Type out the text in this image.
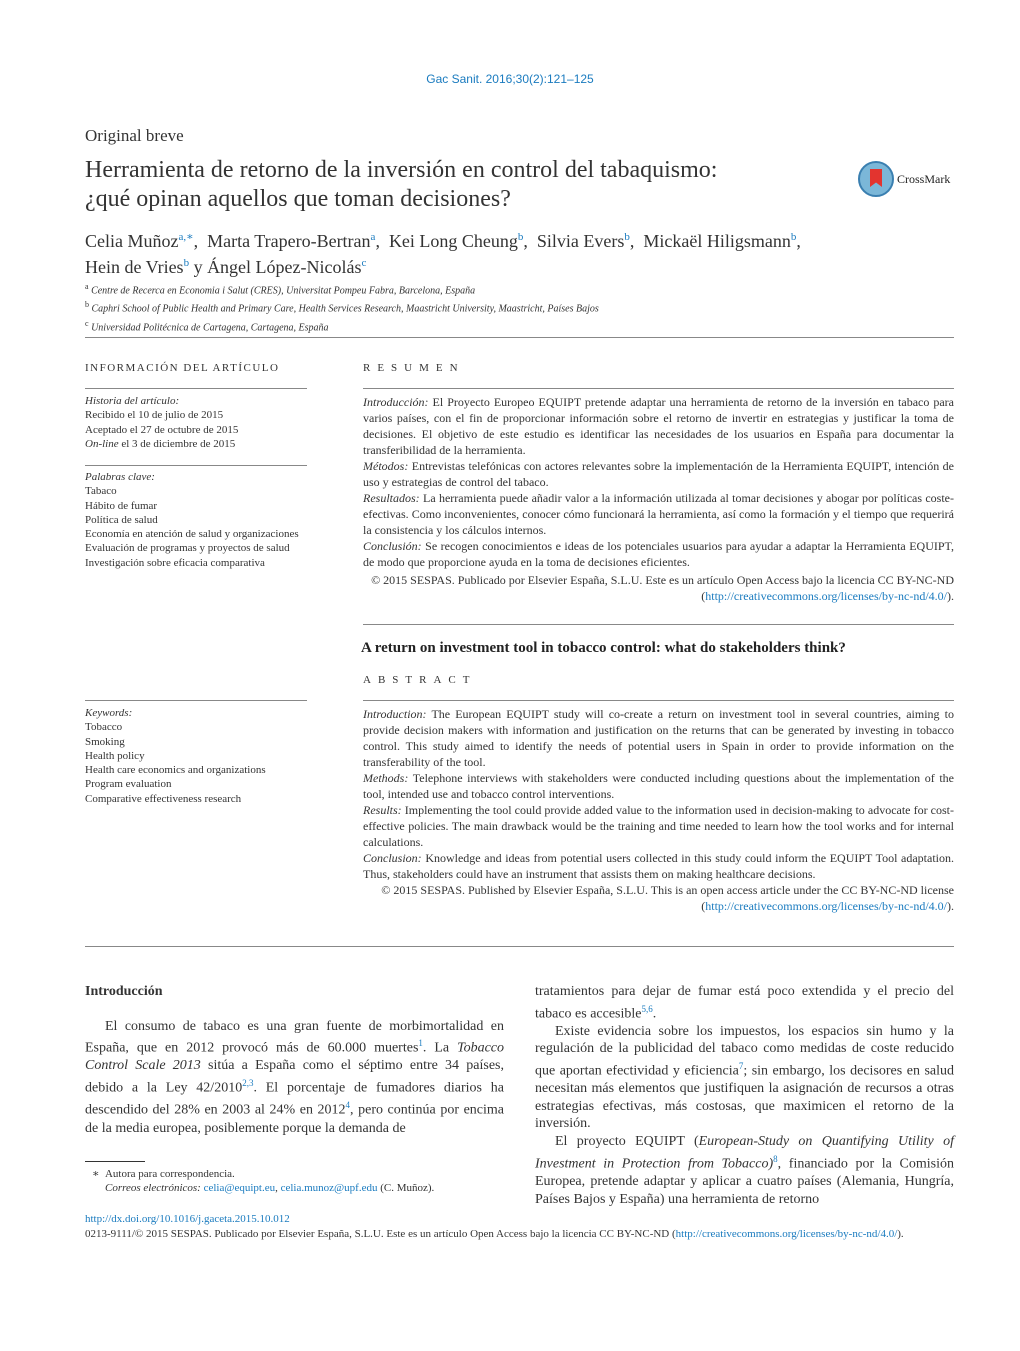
Gac Sanit. 2016;30(2):121–125
Original breve
Herramienta de retorno de la inversión en control del tabaquismo:
¿qué opinan aquellos que toman decisiones?
CrossMark
Celia Muñoz$^{a,∗}$,  Marta Trapero-Bertran$^a$,  Kei Long Cheung$^b$,  Silvia Evers$^b$,  Mickaël Hiligsmann$^b$,
Hein de Vries$^b$ y Ángel López-Nicolás$^c$
$^a$ Centre de Recerca en Economia i Salut (CRES), Universitat Pompeu Fabra, Barcelona, España
$^b$ Caphri School of Public Health and Primary Care, Health Services Research, Maastricht University, Maastricht, Países Bajos
$^c$ Universidad Politécnica de Cartagena, Cartagena, España
INFORMACIÓN DEL ARTÍCULO
Historia del artículo:
Recibido el 10 de julio de 2015
Aceptado el 27 de octubre de 2015
On-line el 3 de diciembre de 2015
Palabras clave:
Tabaco
Hábito de fumar
Política de salud
Economía en atención de salud y organizaciones
Evaluación de programas y proyectos de salud
Investigación sobre eficacia comparativa
RESUMEN
Introducción: El Proyecto Europeo EQUIPT pretende adaptar una herramienta de retorno de la inversión en tabaco para varios países, con el fin de proporcionar información sobre el retorno de invertir en estrategias y justificar la toma de decisiones. El objetivo de este estudio es identificar las necesidades de los usuarios en España para documentar la transferibilidad de la herramienta.
Métodos: Entrevistas telefónicas con actores relevantes sobre la implementación de la Herramienta EQUIPT, intención de uso y estrategias de control del tabaco.
Resultados: La herramienta puede añadir valor a la información utilizada al tomar decisiones y abogar por políticas coste-efectivas. Como inconvenientes, conocer cómo funcionará la herramienta, así como la formación y el tiempo que requerirá la consistencia y los cálculos internos.
Conclusión: Se recogen conocimientos e ideas de los potenciales usuarios para ayudar a adaptar la Herramienta EQUIPT, de modo que proporcione ayuda en la toma de decisiones eficientes.
© 2015 SESPAS. Publicado por Elsevier España, S.L.U. Este es un artículo Open Access bajo la licencia CC BY-NC-ND (http://creativecommons.org/licenses/by-nc-nd/4.0/).
A return on investment tool in tobacco control: what do stakeholders think?
ABSTRACT
Keywords:
Tobacco
Smoking
Health policy
Health care economics and organizations
Program evaluation
Comparative effectiveness research
Introduction: The European EQUIPT study will co-create a return on investment tool in several countries, aiming to provide decision makers with information and justification on the returns that can be generated by investing in tobacco control. This study aimed to identify the needs of potential users in Spain in order to provide information on the transferability of the tool.
Methods: Telephone interviews with stakeholders were conducted including questions about the implementation of the tool, intended use and tobacco control interventions.
Results: Implementing the tool could provide added value to the information used in decision-making to advocate for cost-effective policies. The main drawback would be the training and time needed to learn how the tool works and for internal calculations.
Conclusion: Knowledge and ideas from potential users collected in this study could inform the EQUIPT Tool adaptation. Thus, stakeholders could have an instrument that assists them on making healthcare decisions.
© 2015 SESPAS. Published by Elsevier España, S.L.U. This is an open access article under the CC BY-NC-ND license (http://creativecommons.org/licenses/by-nc-nd/4.0/).

Introducción

El consumo de tabaco es una gran fuente de morbimortalidad en España, que en 2012 provocó más de 60.000 muertes$^1$. La Tobacco Control Scale 2013 sitúa a España como el séptimo entre 34 países, debido a la Ley 42/2010$^{2,3}$. El porcentaje de fumadores diarios ha descendido del 28% en 2003 al 24% en 2012$^4$, pero continúa por encima de la media europea, posiblemente porque la demanda de

tratamientos para dejar de fumar está poco extendida y el precio del tabaco es accesible$^{5,6}$.

Existe evidencia sobre los impuestos, los espacios sin humo y la regulación de la publicidad del tabaco como medidas de coste reducido que aportan efectividad y eficiencia$^7$; sin embargo, los decisores en salud necesitan más elementos que justifiquen la asignación de recursos a otras estrategias efectivas, más costosas, que maximicen el retorno de la inversión.

El proyecto EQUIPT (European-Study on Quantifying Utility of Investment in Protection from Tobacco)$^8$, financiado por la Comisión Europea, pretende adaptar y aplicar a cuatro países (Alemania, Hungría, Países Bajos y España) una herramienta de retorno

∗ Autora para correspondencia.
Correos electrónicos: celia@equipt.eu, celia.munoz@upf.edu (C. Muñoz).
http://dx.doi.org/10.1016/j.gaceta.2015.10.012
0213-9111/© 2015 SESPAS. Publicado por Elsevier España, S.L.U. Este es un artículo Open Access bajo la licencia CC BY-NC-ND (http://creativecommons.org/licenses/by-nc-nd/4.0/).
